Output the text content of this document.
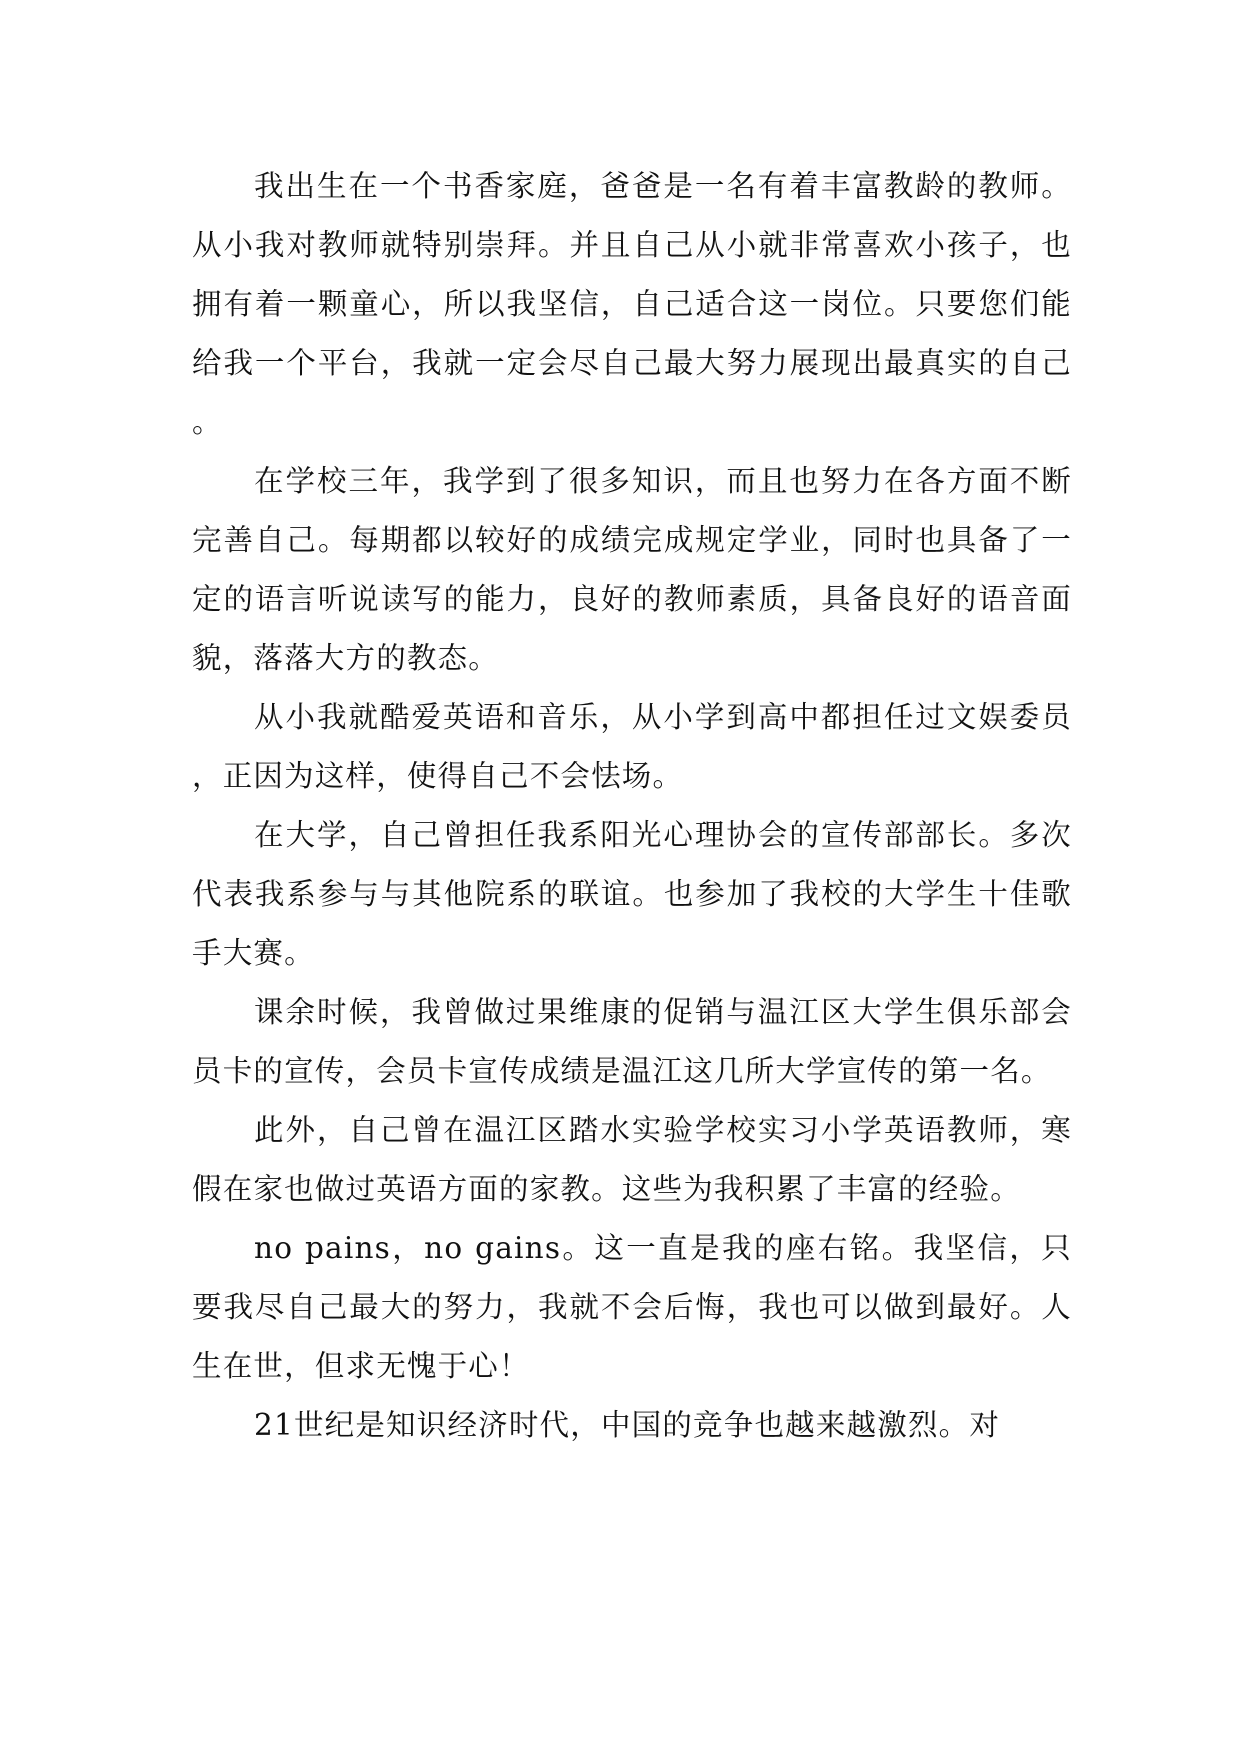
我出生在一个书香家庭，爸爸是一名有着丰富教龄的教师。从小我对教师就特别崇拜。并且自己从小就非常喜欢小孩子，也拥有着一颗童心，所以我坚信，自己适合这一岗位。只要您们能给我一个平台，我就一定会尽自己最大努力展现出最真实的自己。

在学校三年，我学到了很多知识，而且也努力在各方面不断完善自己。每期都以较好的成绩完成规定学业，同时也具备了一定的语言听说读写的能力，良好的教师素质，具备良好的语音面貌，落落大方的教态。

从小我就酷爱英语和音乐，从小学到高中都担任过文娱委员，正因为这样，使得自己不会怯场。

在大学，自己曾担任我系阳光心理协会的宣传部部长。多次代表我系参与与其他院系的联谊。也参加了我校的大学生十佳歌手大赛。

课余时候，我曾做过果维康的促销与温江区大学生俱乐部会员卡的宣传，会员卡宣传成绩是温江这几所大学宣传的第一名。

此外，自己曾在温江区踏水实验学校实习小学英语教师，寒假在家也做过英语方面的家教。这些为我积累了丰富的经验。

no pains，no gains。这一直是我的座右铭。我坚信，只要我尽自己最大的努力，我就不会后悔，我也可以做到最好。人生在世，但求无愧于心！

21世纪是知识经济时代，中国的竞争也越来越激烈。对
